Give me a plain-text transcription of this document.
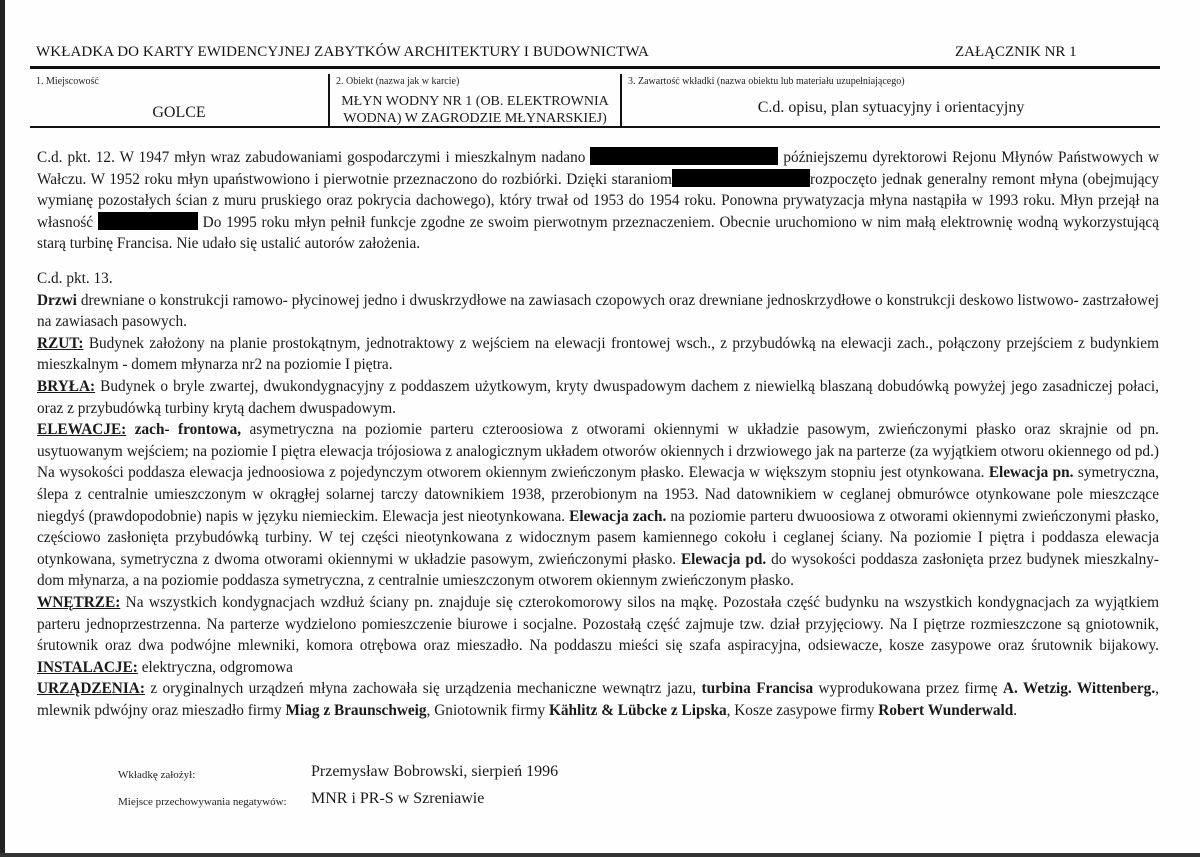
WKŁADKA DO KARTY EWIDENCYJNEJ ZABYTKÓW ARCHITEKTURY I BUDOWNICTWA	ZAŁĄCZNIK NR 1
1. Miejscowość
GOLCE
2. Obiekt (nazwa jak w karcie)
MŁYN WODNY NR 1 (OB. ELEKTROWNIA WODNA) W ZAGRODZIE MŁYNARSKIEJ)
3. Zawartość wkładki (nazwa obiektu lub materiału uzupełniającego)
C.d. opisu, plan sytuacyjny i orientacyjny
C.d. pkt. 12. W 1947 młyn wraz zabudowaniami gospodarczymi i mieszkalnym nadano	późniejszemu dyrektorowi Rejonu Młynów Państwowych w Wałczu. W 1952 roku młyn upaństwowiono i pierwotnie przeznaczono do rozbiórki. Dzięki staraniom	rozpoczęto jednak generalny remont młyna (obejmujący wymianę pozostałych ścian z muru pruskiego oraz pokrycia dachowego), który trwał od 1953 do 1954 roku. Ponowna prywatyzacja młyna nastąpiła w 1993 roku. Młyn przejął na własność	Do 1995 roku młyn pełnił funkcje zgodne ze swoim pierwotnym przeznaczeniem. Obecnie uruchomiono w nim małą elektrownię wodną wykorzystującą starą turbinę Francisa. Nie udało się ustalić autorów założenia.
C.d. pkt. 13.
Drzwi drewniane o konstrukcji ramowo- płycinowej jedno i dwuskrzydłowe na zawiasach czopowych oraz drewniane jednoskrzydłowe o konstrukcji deskowo listwowo- zastrzałowej na zawiasach pasowych.
RZUT: Budynek założony na planie prostokątnym, jednotraktowy z wejściem na elewacji frontowej wsch., z przybudówką na elewacji zach., połączony przejściem z budynkiem mieszkalnym - domem młynarza nr2 na poziomie I piętra.
BRYŁA: Budynek o bryle zwartej, dwukondygnacyjny z poddaszem użytkowym, kryty dwuspadowym dachem z niewielką blaszaną dobudówką powyżej jego zasadniczej połaci, oraz z przybudówką turbiny krytą dachem dwuspadowym.
ELEWACJE: zach- frontowa, asymetryczna na poziomie parteru czteroosiowa z otworami okiennymi w układzie pasowym, zwieńczonymi płasko oraz skrajnie od pn. usytuowanym wejściem; na poziomie I piętra elewacja trójosiowa z analogicznym układem otworów okiennych i drzwiowego jak na parterze (za wyjątkiem otworu okiennego od pd.) Na wysokości poddasza elewacja jednoosiowa z pojedynczym otworem okiennym zwieńczonym płasko. Elewacja w większym stopniu jest otynkowana. Elewacja pn. symetryczna, ślepa z centralnie umieszczonym w okrągłej solarnej tarczy datownikiem 1938, przerobionym na 1953. Nad datownikiem w ceglanej obmurówce otynkowane pole mieszczące niegdyś (prawdopodobnie) napis w języku niemieckim. Elewacja jest nieotynkowana. Elewacja zach. na poziomie parteru dwuoosiowa z otworami okiennymi zwieńczonymi płasko, częściowo zasłonięta przybudówką turbiny. W tej części nieotynkowana z widocznym pasem kamiennego cokołu i ceglanej ściany. Na poziomie I piętra i poddasza elewacja otynkowana, symetryczna z dwoma otworami okiennymi w układzie pasowym, zwieńczonymi płasko. Elewacja pd. do wysokości poddasza zasłonięta przez budynek mieszkalny- dom młynarza, a na poziomie poddasza symetryczna, z centralnie umieszczonym otworem okiennym zwieńczonym płasko.
WNĘTRZE: Na wszystkich kondygnacjach wzdłuż ściany pn. znajduje się czterokomorowy silos na mąkę. Pozostała część budynku na wszystkich kondygnacjach za wyjątkiem parteru jednoprzestrzenna. Na parterze wydzielono pomieszczenie biurowe i socjalne. Pozostałą część zajmuje tzw. dział przyjęciowy. Na I piętrze rozmieszczone są gniotownik, śrutownik oraz dwa podwójne mlewniki, komora otrębowa oraz mieszadło. Na poddaszu mieści się szafa aspiracyjna, odsiewacze, kosze zasypowe oraz śrutownik bijakowy. INSTALACJE: elektryczna, odgromowa
URZĄDZENIA: z oryginalnych urządzeń młyna zachowała się urządzenia mechaniczne wewnątrz jazu, turbina Francisa wyprodukowana przez firmę A. Wetzig. Wittenberg., mlewnik pdwójny oraz mieszadło firmy Miag z Braunschweig, Gniotownik firmy Kählitz & Lübcke z Lipska, Kosze zasypowe firmy Robert Wunderwald.
Wkładkę założył:	Przemysław Bobrowski, sierpień 1996
Miejsce przechowywania negatywów: MNR i PR-S w Szreniawie
